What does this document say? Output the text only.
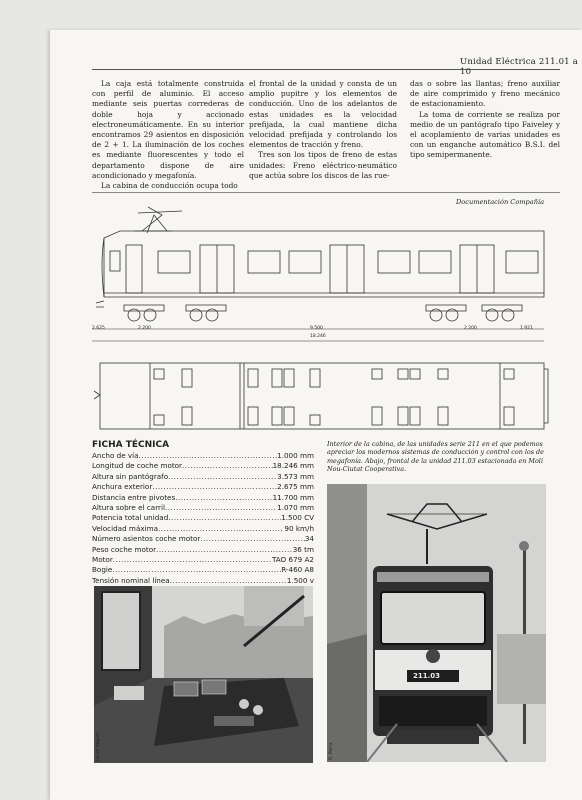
Unidad Eléctrica 211.01 a 10

La caja está totalmente construida con perfil de aluminio. El acceso mediante seis puertas correderas de doble hoja y accionado electroneumáticamente. En su interior encontramos 29 asientos en disposición de 2 + 1. La iluminación de los coches es mediante fluorescentes y todo el departamento dispone de aire acondicionado y megafonía.

La cabina de conducción ocupa todo

el frontal de la unidad y consta de un amplio pupitre y los elementos de conducción. Uno de los adelantos de estas unidades es la velocidad prefijada, la cual mantiene dicha velocidad prefijada y controlando los elementos de tracción y freno.

Tres son los tipos de freno de estas unidades: Freno eléctrico-neumático que actúa sobre los discos de las rue-

das o sobre las llantas; freno auxiliar de aire comprimido y freno mecánico de estacionamiento.

La toma de corriente se realiza por medio de un pantógrafo tipo Faiveley y el acoplamiento de varias unidades es con un enganche automático B.S.I. del tipo semipermanente.

2.625	2.200	9.500	2.200	1.921
18.246
Documentación Compañía
FICHA TÉCNICA
Ancho de vía .....	1.000 mm
Longitud de coche motor .....	18.246 mm
Altura sin pantógrafo .....	3.573 mm
Anchura exterior .....	2.675 mm
Distancia entre pivotes .....	11.700 mm
Altura sobre el carril .....	1.070 mm
Potencia total unidad .....	1.500 CV
Velocidad máxima .....	90 km/h
Número asientos coche motor .....	34
Peso coche motor .....	36 tm
Motor .....	TAO 679 A2
Bogie .....	R-460 A8
Tensión nominal línea .....	1.500 v
Interior de la cabina, de las unidades serie 211 en el que podemos apreciar los modernos sistemas de conducción y control con los de megafonía. Abajo, frontal de la unidad 211.03 estacionada en Molí Nou-Ciutat Cooperativa.
Javier Miguel
211.03
R. Perra
